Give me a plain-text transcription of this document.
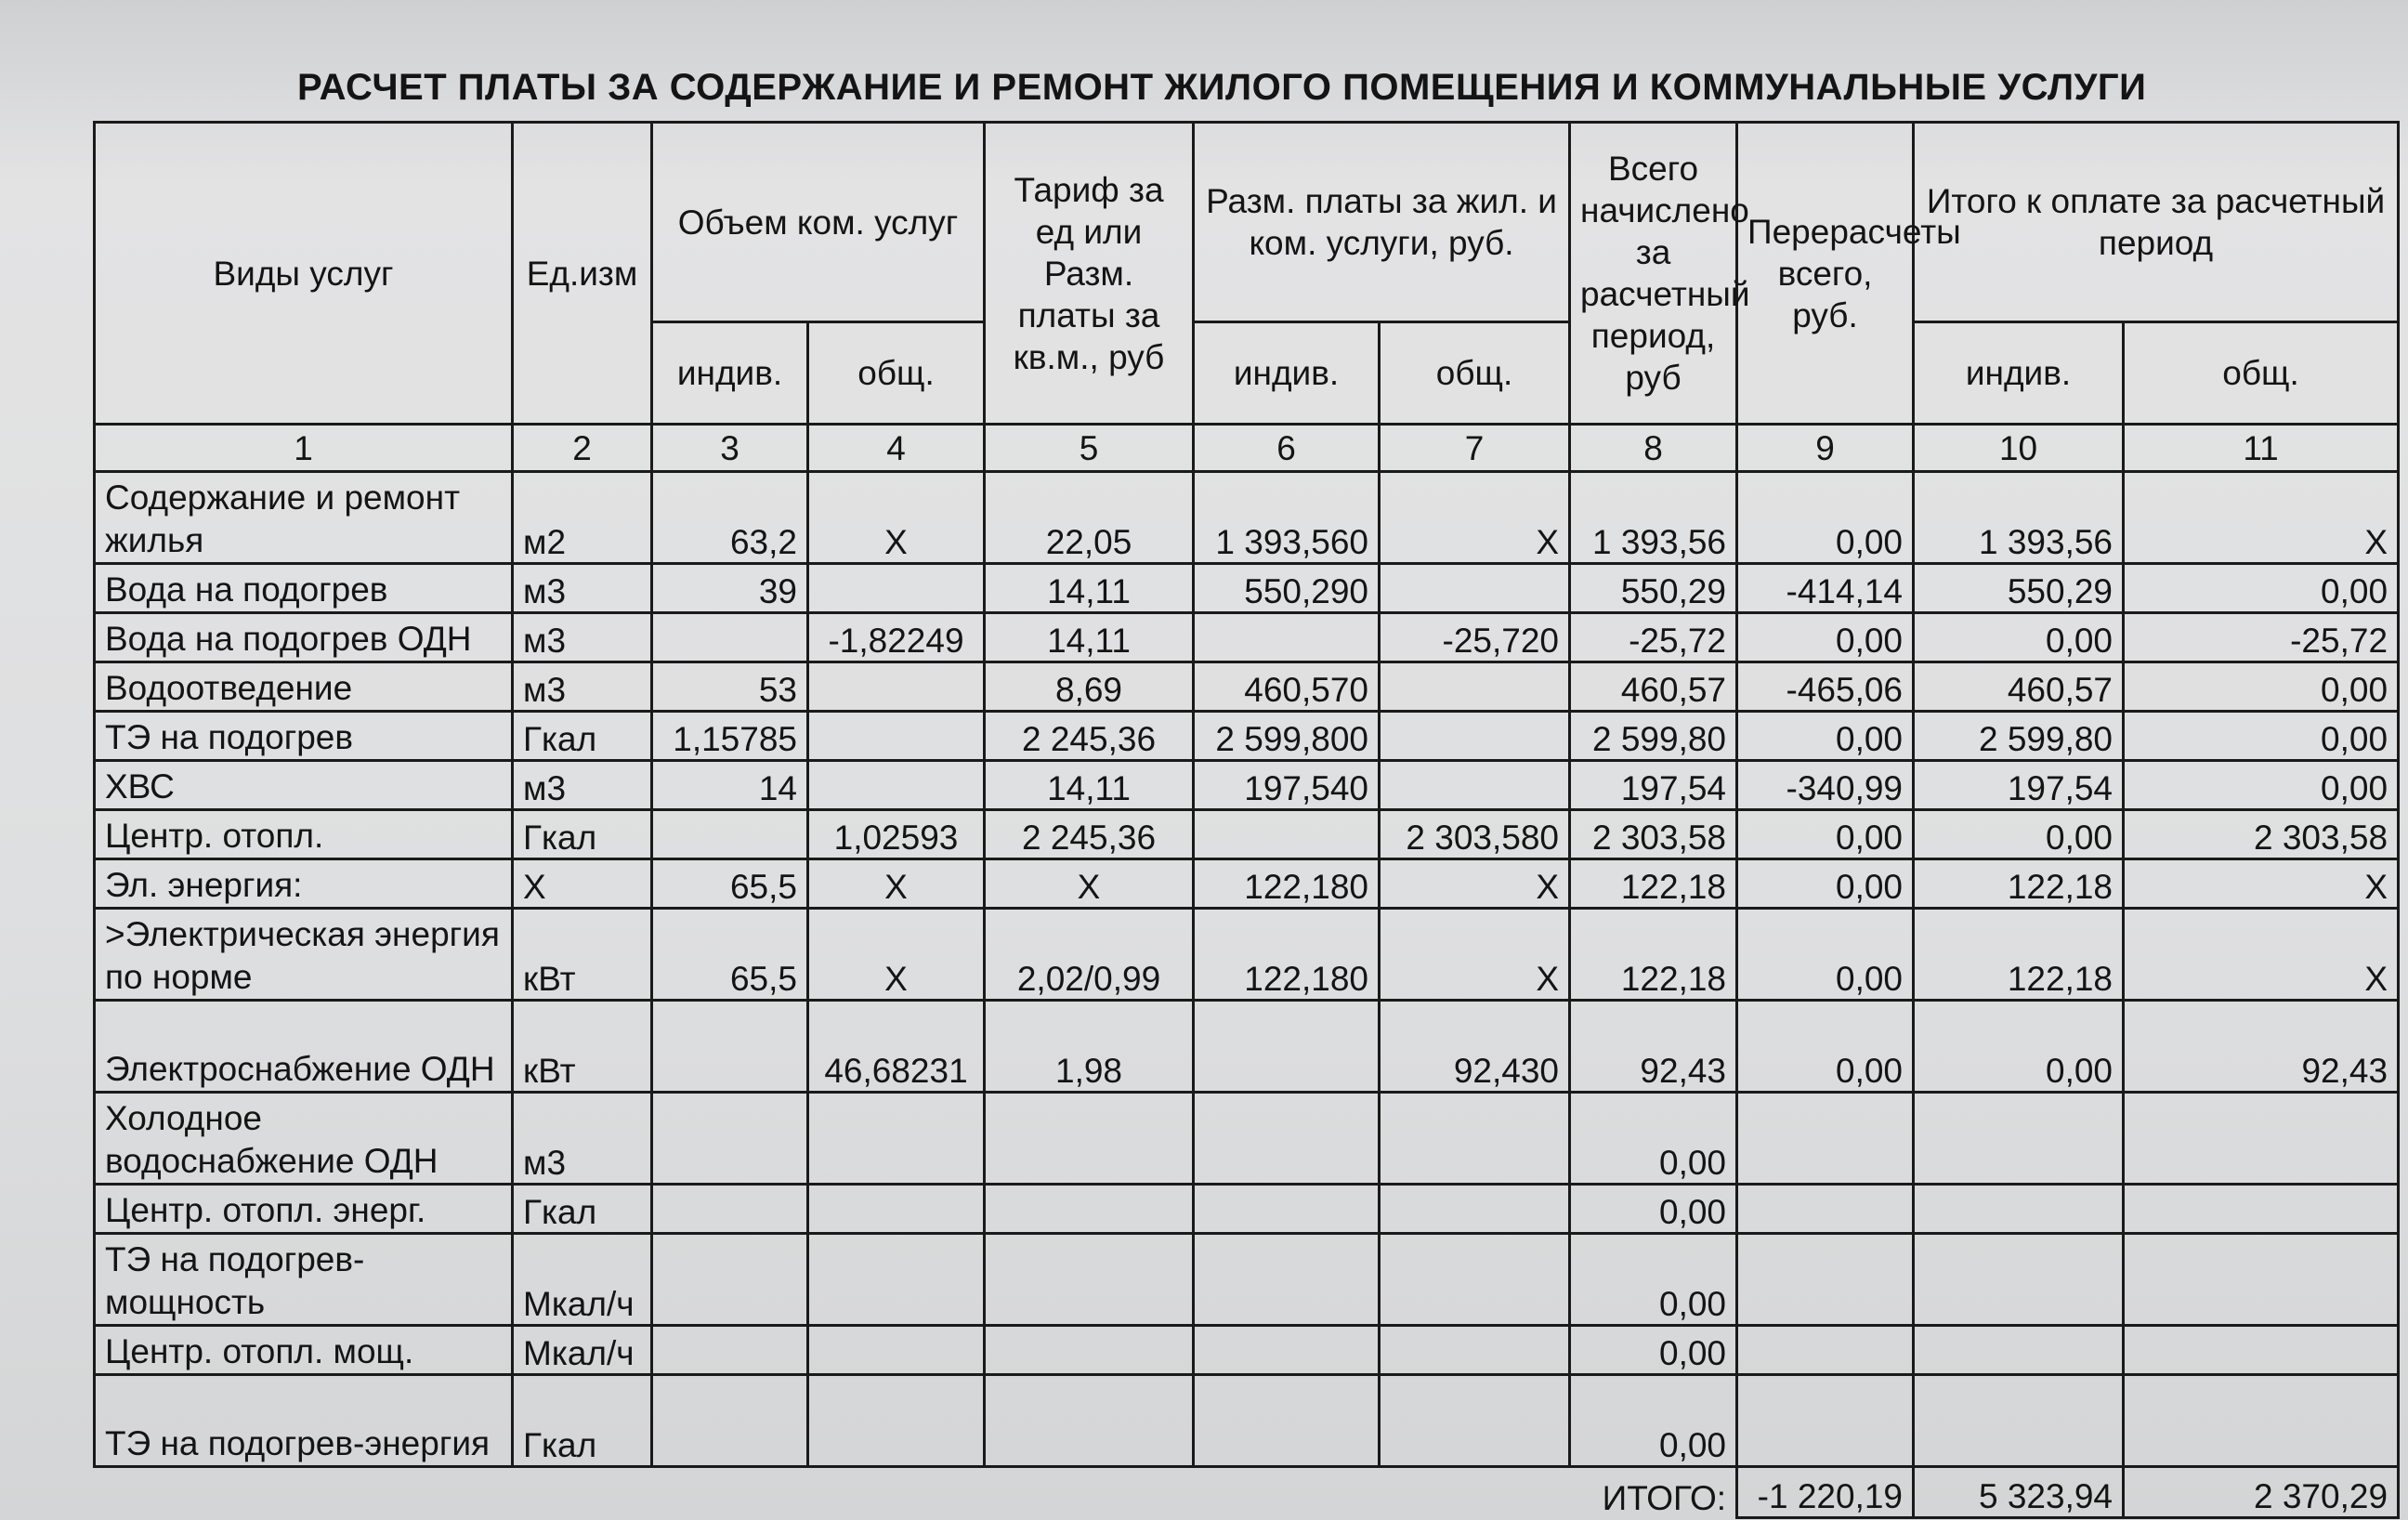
РАСЧЕТ ПЛАТЫ ЗА СОДЕРЖАНИЕ И РЕМОНТ ЖИЛОГО ПОМЕЩЕНИЯ И КОММУНАЛЬНЫЕ УСЛУГИ
Виды услуг	Ед.изм	Объем ком. услуг		Тариф за ед или Разм. платы за кв.м., руб	Разм. платы за жил. и ком. услуги, руб.		Всего начислено за расчетный период, руб	Перерасчеты всего, руб.	Итого к оплате за расчетный период	
		индив.	общ.		индив.	общ.			индив.	общ.
1	2	3	4	5	6	7	8	9	10	11
Содержание и ремонт жилья	м2	63,2	Х	22,05	1 393,560	Х	1 393,56	0,00	1 393,56	Х
Вода на подогрев	м3	39		14,11	550,290		550,29	-414,14	550,29	0,00
Вода на подогрев ОДН	м3		-1,82249	14,11		-25,720	-25,72	0,00	0,00	-25,72
Водоотведение	м3	53		8,69	460,570		460,57	-465,06	460,57	0,00
ТЭ на подогрев	Гкал	1,15785		2 245,36	2 599,800		2 599,80	0,00	2 599,80	0,00
ХВС	м3	14		14,11	197,540		197,54	-340,99	197,54	0,00
Центр. отопл.	Гкал		1,02593	2 245,36		2 303,580	2 303,58	0,00	0,00	2 303,58
Эл. энергия:	Х	65,5	Х	Х	122,180	Х	122,18	0,00	122,18	Х
>Электрическая энергия по норме	кВт	65,5	Х	2,02/0,99	122,180	Х	122,18	0,00	122,18	Х
Электроснабжение ОДН	кВт		46,68231	1,98		92,430	92,43	0,00	0,00	92,43
Холодное водоснабжение ОДН	м3						0,00			
Центр. отопл. энерг.	Гкал						0,00			
ТЭ на подогрев-мощность	Мкал/ч						0,00			
Центр. отопл. мощ.	Мкал/ч						0,00			
ТЭ на подогрев-энергия	Гкал						0,00			
							ИТОГО:	-1 220,19	5 323,94	2 370,29
